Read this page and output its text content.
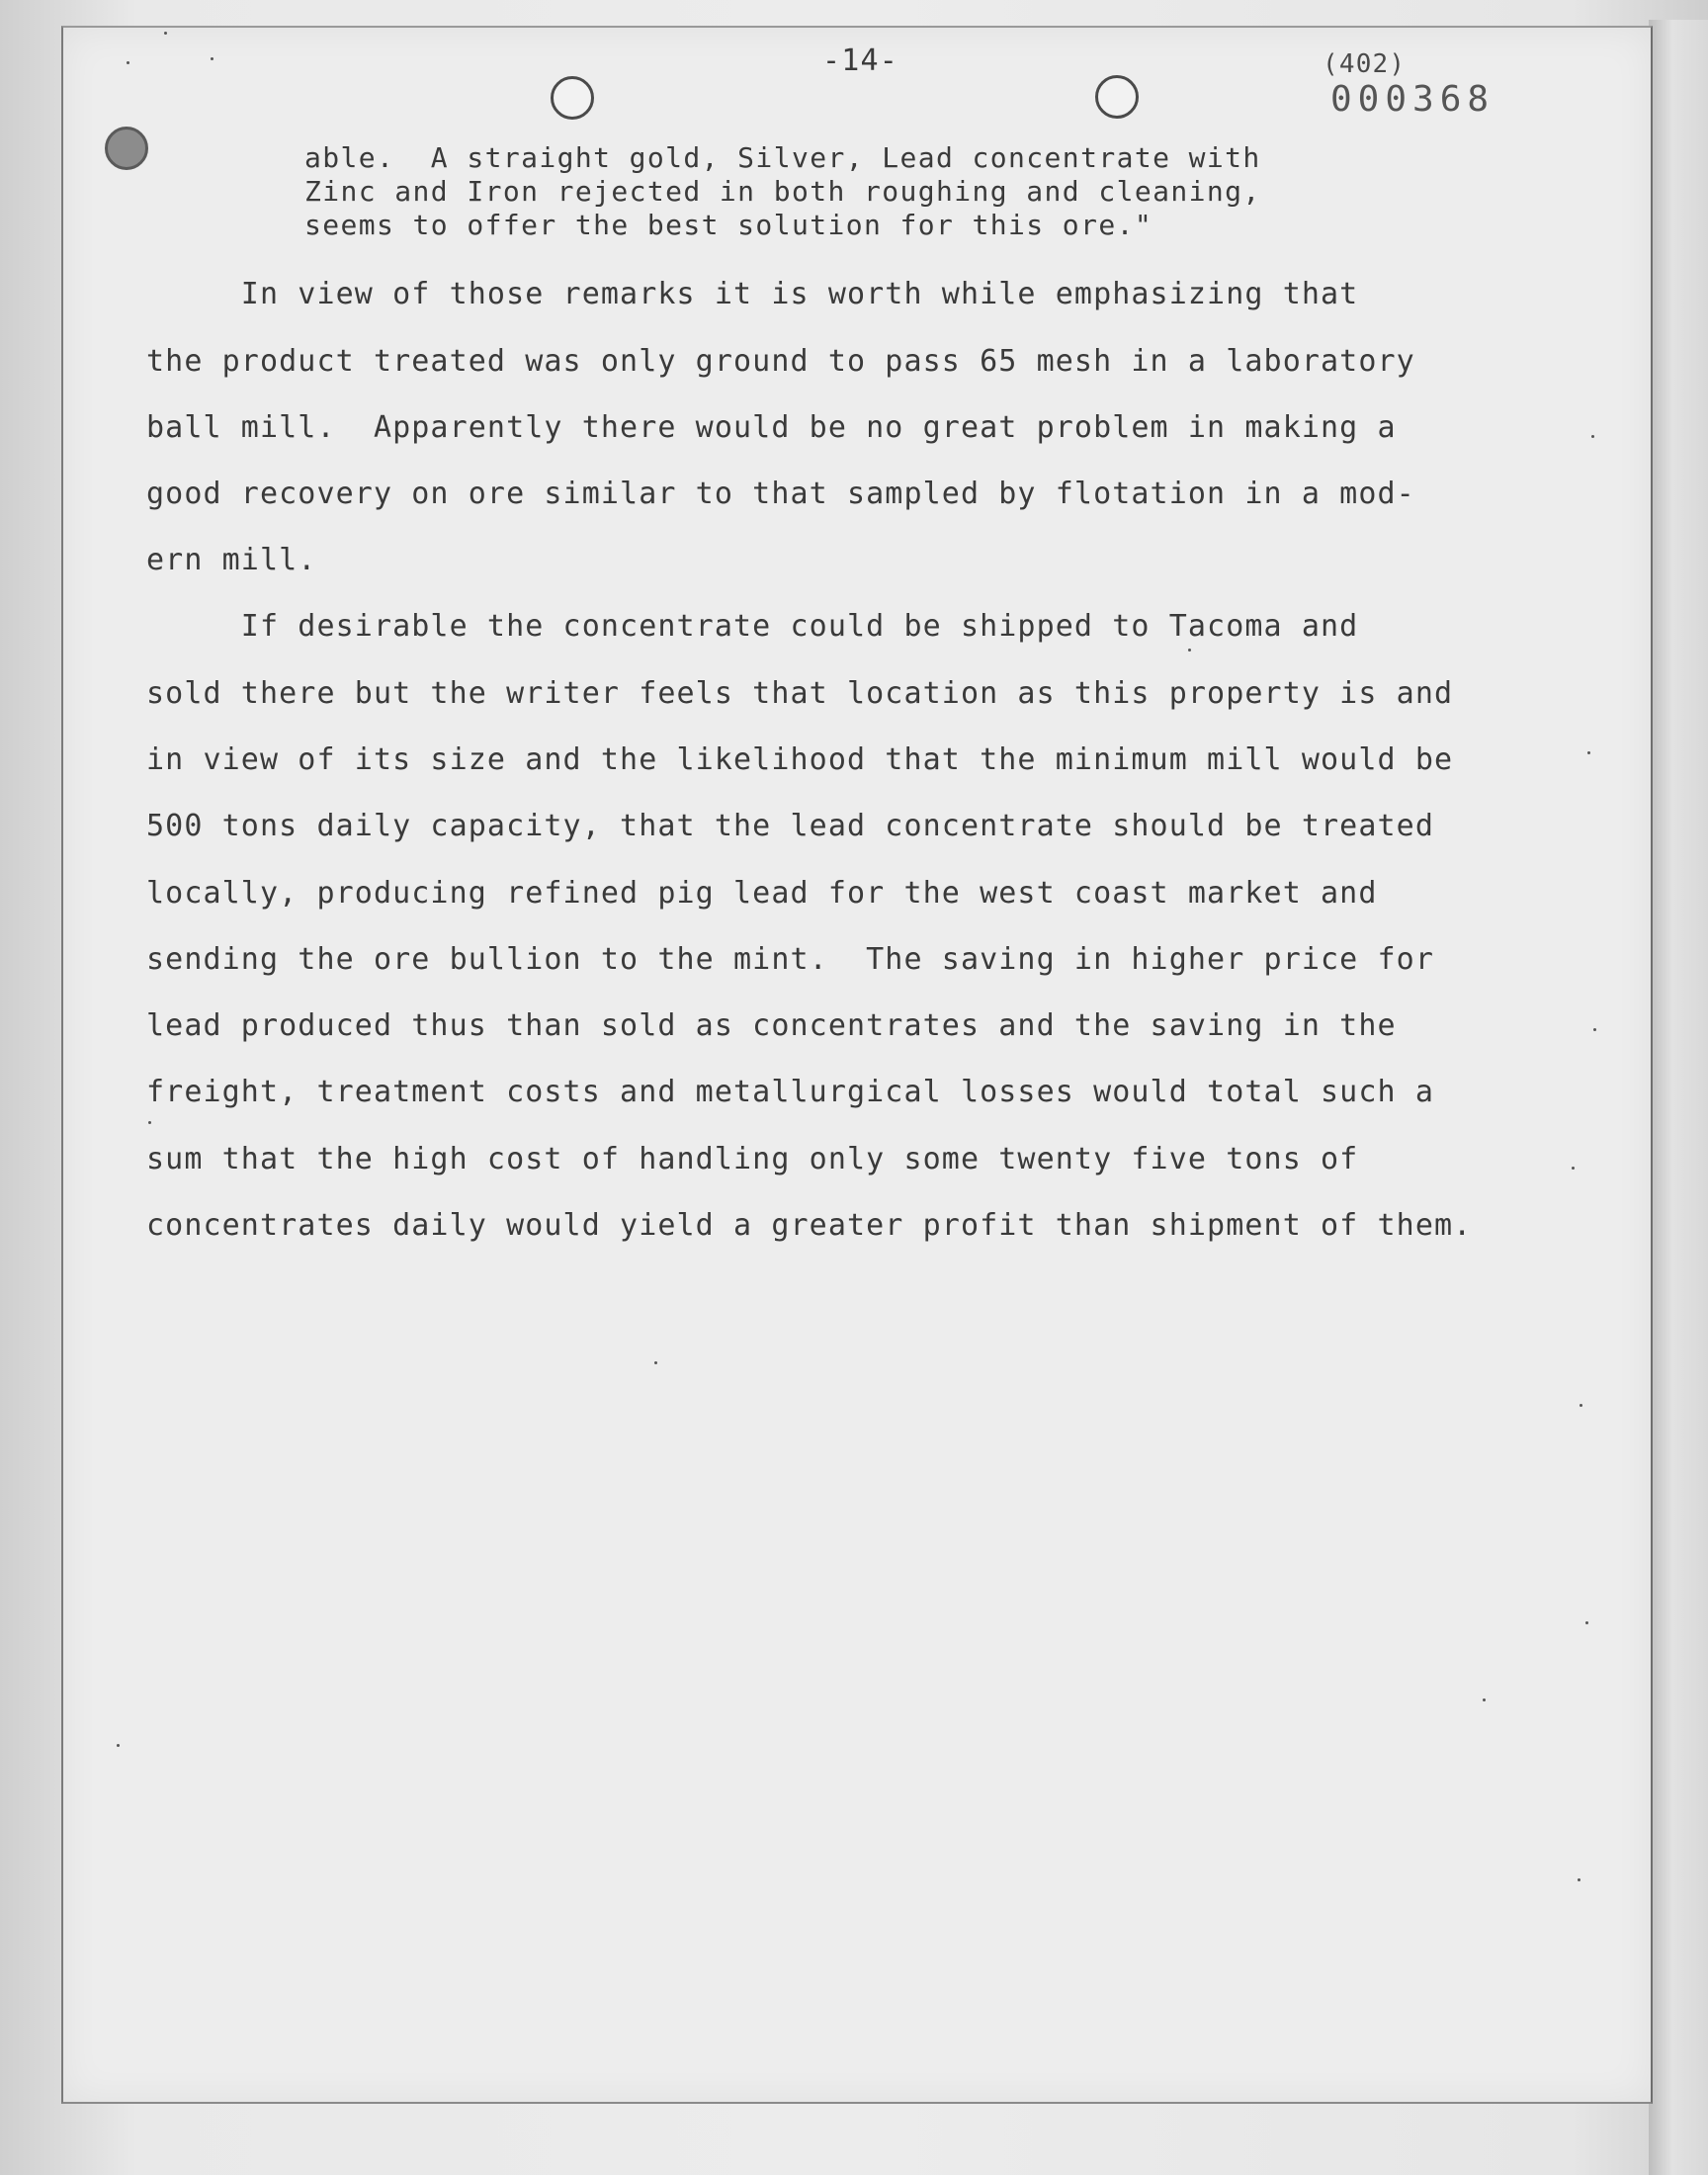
-14-	(402)
000368
able.  A straight gold, Silver, Lead concentrate with
Zinc and Iron rejected in both roughing and cleaning,
seems to offer the best solution for this ore."
In view of those remarks it is worth while emphasizing that
the product treated was only ground to pass 65 mesh in a laboratory
ball mill.  Apparently there would be no great problem in making a
good recovery on ore similar to that sampled by flotation in a mod-
ern mill.
If desirable the concentrate could be shipped to Tacoma and
sold there but the writer feels that location as this property is and
in view of its size and the likelihood that the minimum mill would be
500 tons daily capacity, that the lead concentrate should be treated
locally, producing refined pig lead for the west coast market and
sending the ore bullion to the mint.  The saving in higher price for
lead produced thus than sold as concentrates and the saving in the
freight, treatment costs and metallurgical losses would total such a
sum that the high cost of handling only some twenty five tons of
concentrates daily would yield a greater profit than shipment of them.
